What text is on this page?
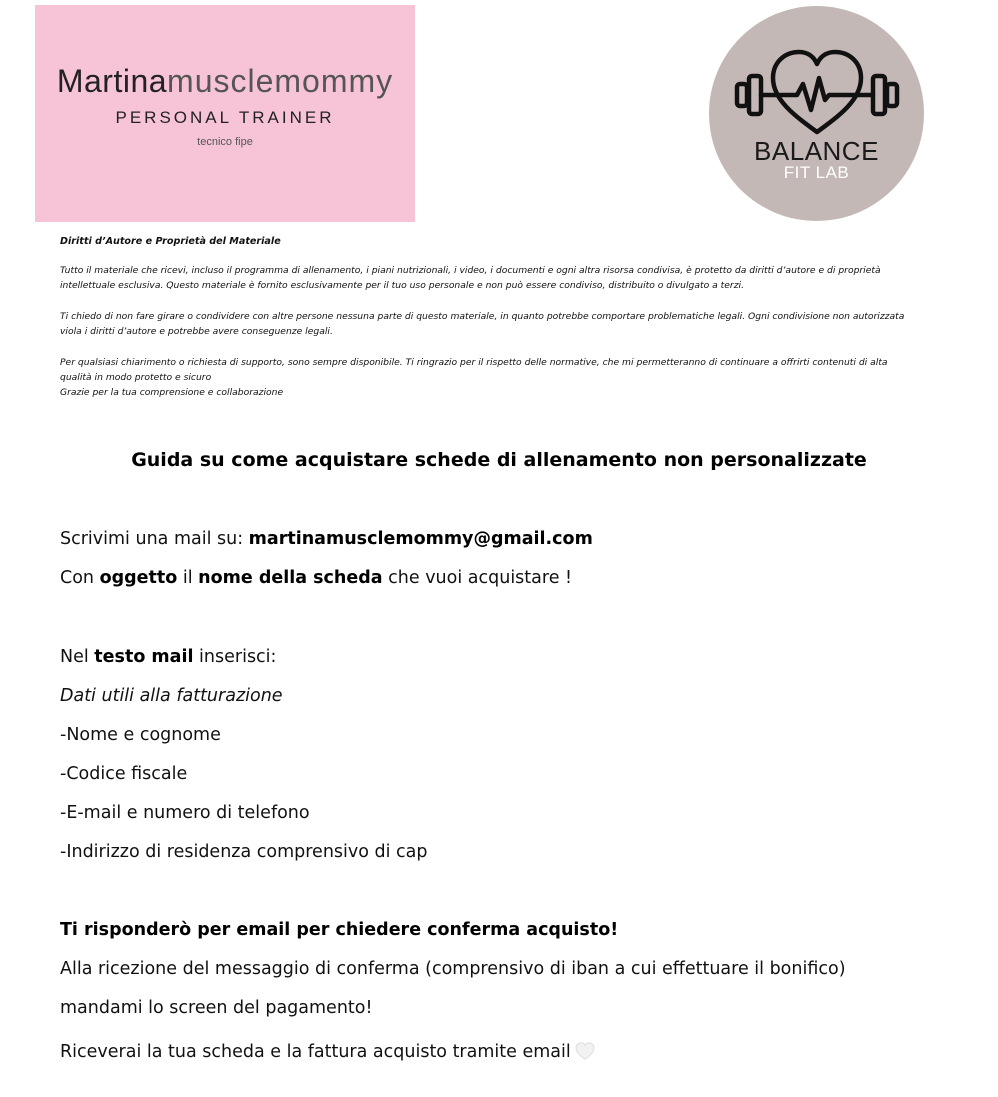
Martinamusclemommy
PERSONAL TRAINER
tecnico fipe	BALANCE
FIT LAB
Diritti d’Autore e Proprietà del Materiale

Tutto il materiale che ricevi, incluso il programma di allenamento, i piani nutrizionali, i video, i documenti e ogni altra risorsa condivisa, è protetto da diritti d’autore e di proprietà intellettuale esclusiva. Questo materiale è fornito esclusivamente per il tuo uso personale e non può essere condiviso, distribuito o divulgato a terzi.

Ti chiedo di non fare girare o condividere con altre persone nessuna parte di questo materiale, in quanto potrebbe comportare problematiche legali. Ogni condivisione non autorizzata viola i diritti d’autore e potrebbe avere conseguenze legali.

Per qualsiasi chiarimento o richiesta di supporto, sono sempre disponibile. Ti ringrazio per il rispetto delle normative, che mi permetteranno di continuare a offrirti contenuti di alta qualità in modo protetto e sicuro
Grazie per la tua comprensione e collaborazione

Guida su come acquistare schede di allenamento non personalizzate
Scrivimi una mail su: martinamusclemommy@gmail.com
Con oggetto il nome della scheda che vuoi acquistare !
Nel testo mail inserisci:
Dati utili alla fatturazione
-Nome e cognome
-Codice fiscale
-E-mail e numero di telefono
-Indirizzo di residenza comprensivo di cap
Ti risponderò per email per chiedere conferma acquisto!
Alla ricezione del messaggio di conferma (comprensivo di iban a cui effettuare il bonifico)
mandami lo screen del pagamento!
Riceverai la tua scheda e la fattura acquisto tramite email
